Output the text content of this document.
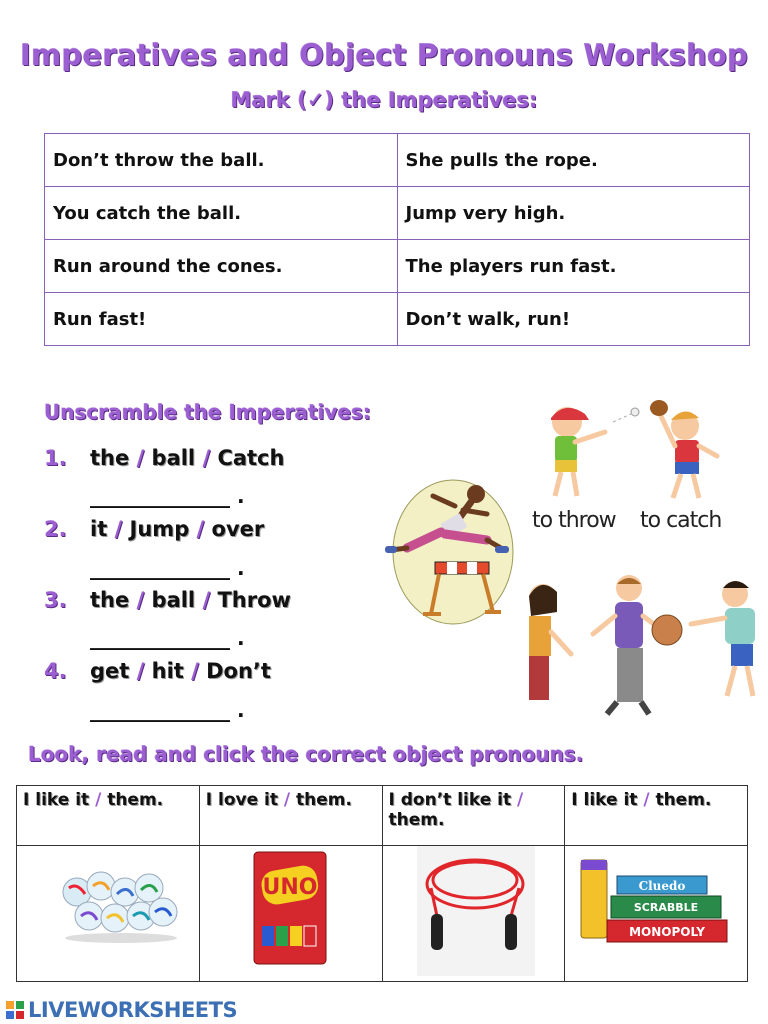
Imperatives and Object Pronouns Workshop
Mark (✓) the Imperatives:
Don’t throw the ball.	She pulls the rope.
You catch the ball.	Jump very high.
Run around the cones.	The players run fast.
Run fast!	Don’t walk, run!
Unscramble the Imperatives:
1. the / ball / Catch
______________ .
2. it / Jump / over
______________ .
3. the / ball / Throw
______________ .
4. get / hit / Don’t
______________ .
to throw to catch
Look, read and click the correct object pronouns.
I like it / them.	I love it / them.	I don’t like it / them.	I like it / them.

UNO		Cluedo
SCRABBLE
MONOPOLY
LIVEWORKSHEETS
